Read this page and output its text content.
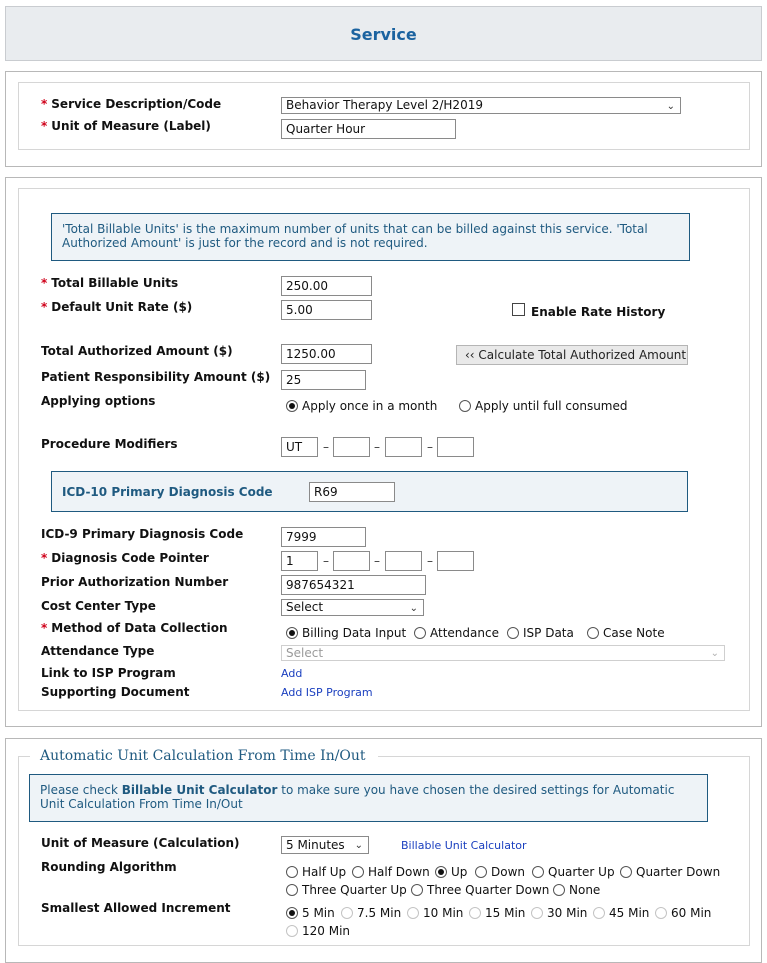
Service
* Service Description/Code	Behavior Therapy Level 2/H2019	⌄
* Unit of Measure (Label)	Quarter Hour
'Total Billable Units' is the maximum number of units that can be billed against this service. 'Total Authorized Amount' is just for the record and is not required.
* Total Billable Units	250.00
* Default Unit Rate ($)	5.00	Enable Rate History
Total Authorized Amount ($)	1250.00	‹‹ Calculate Total Authorized Amount
Patient Responsibility Amount ($)	25
Applying options	Apply once in a month	Apply until full consumed
Procedure Modifiers	UT	–	–	–
ICD-10 Primary Diagnosis Code	R69
ICD-9 Primary Diagnosis Code	7999
* Diagnosis Code Pointer	1	–	–	–
Prior Authorization Number	987654321
Cost Center Type	Select	⌄
* Method of Data Collection	Billing Data Input	Attendance	ISP Data	Case Note
Attendance Type	Select	⌄
Link to ISP Program	Add
Supporting Document	Add ISP Program
Automatic Unit Calculation From Time In/Out
Please check Billable Unit Calculator to make sure you have chosen the desired settings for Automatic Unit Calculation From Time In/Out
Unit of Measure (Calculation)	5 Minutes ⌄	Billable Unit Calculator
Rounding Algorithm	Half Up	Half Down	Up	Down	Quarter Up	Quarter Down
Three Quarter Up	Three Quarter Down	None
Smallest Allowed Increment	5 Min	7.5 Min	10 Min	15 Min	30 Min	45 Min	60 Min
120 Min
